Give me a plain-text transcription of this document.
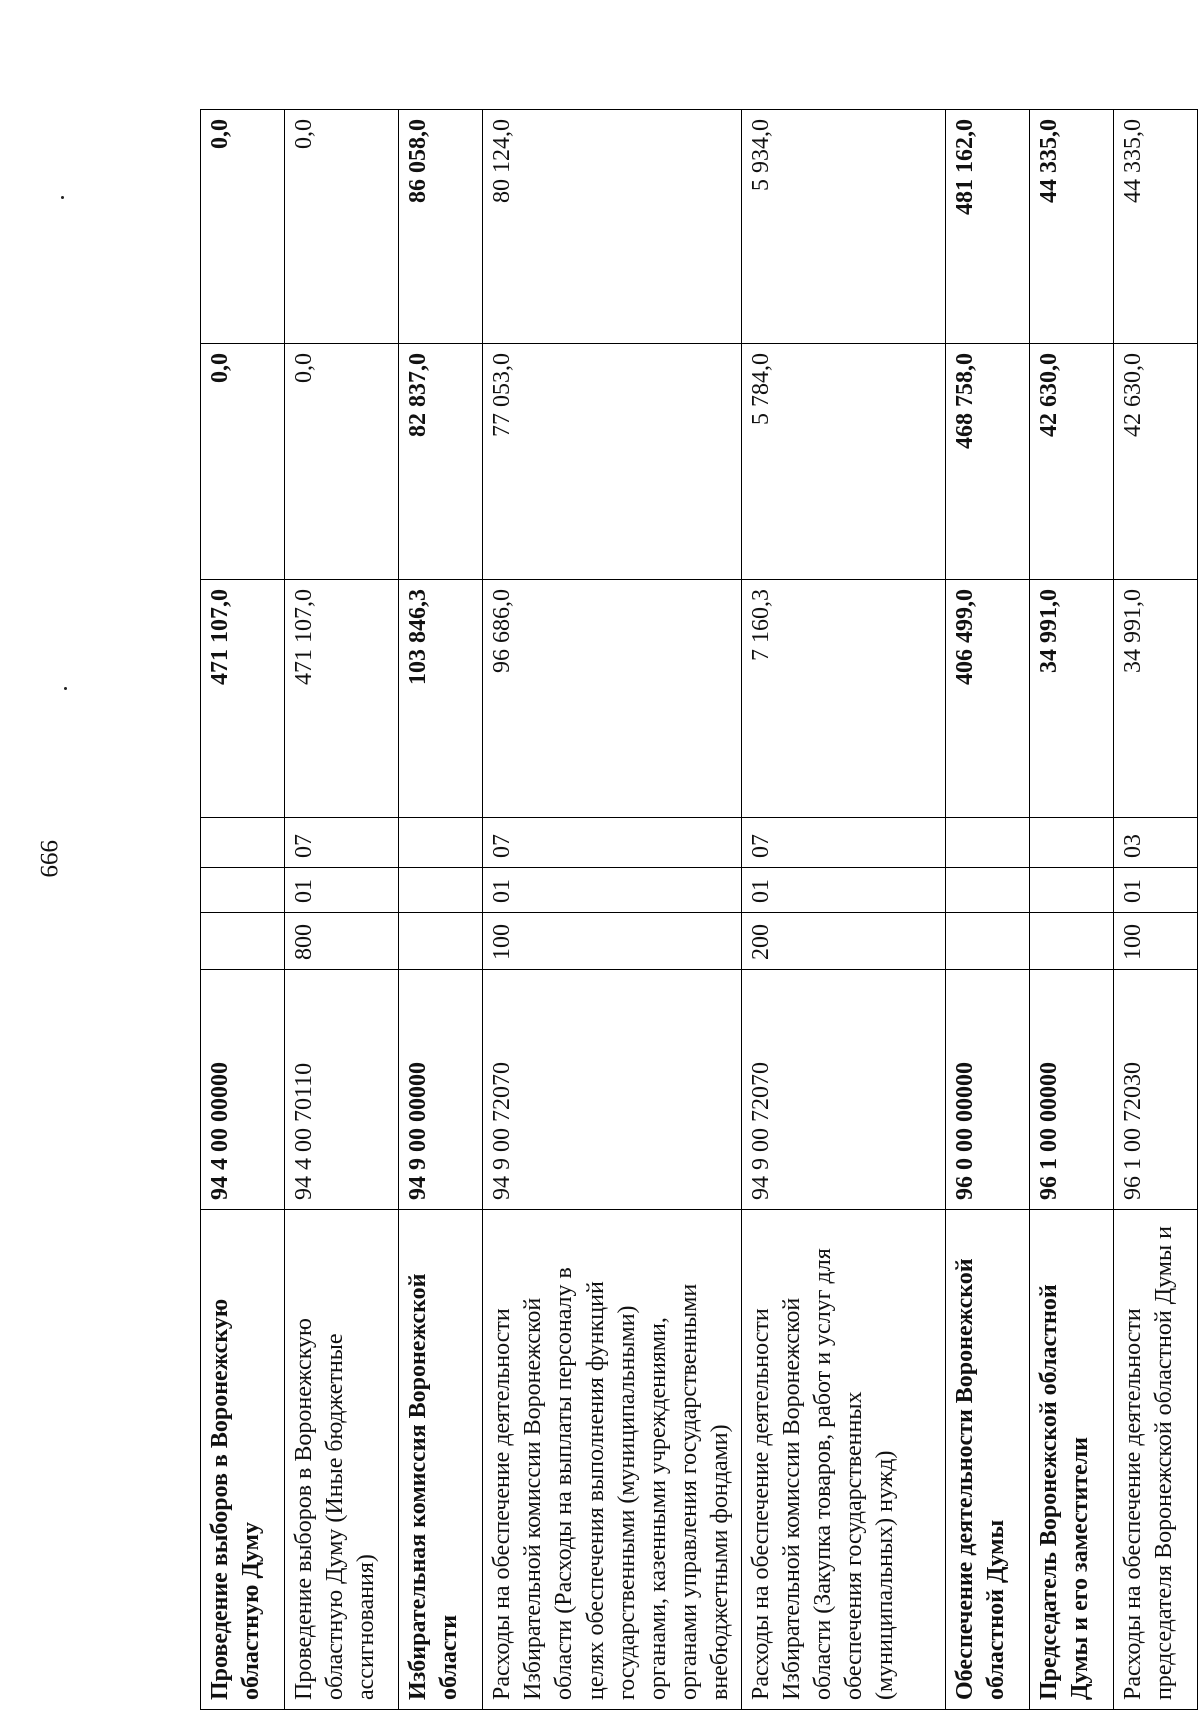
999
Проведение выборов в Воронежскую областную Думу	94 4 00 00000				471 107,0	0,0	0,0
Проведение выборов в Воронежскую областную Думу (Иные бюджетные ассигнования)	94 4 00 70110	800	01	07	471 107,0	0,0	0,0
Избирательная комиссия Воронежской области	94 9 00 00000				103 846,3	82 837,0	86 058,0
Расходы на обеспечение деятельности Избирательной комиссии Воронежской области (Расходы на выплаты персоналу в целях обеспечения выполнения функций государственными (муниципальными) органами, казенными учреждениями, органами управления государственными внебюджетными фондами)	94 9 00 72070	100	01	07	96 686,0	77 053,0	80 124,0
Расходы на обеспечение деятельности Избирательной комиссии Воронежской области (Закупка товаров, работ и услуг для обеспечения государственных (муниципальных) нужд)	94 9 00 72070	200	01	07	7 160,3	5 784,0	5 934,0
Обеспечение деятельности Воронежской областной Думы	96 0 00 00000				406 499,0	468 758,0	481 162,0
Председатель Воронежской областной Думы и его заместители	96 1 00 00000				34 991,0	42 630,0	44 335,0
Расходы на обеспечение деятельности председателя Воронежской областной Думы и	96 1 00 72030	100	01	03	34 991,0	42 630,0	44 335,0
